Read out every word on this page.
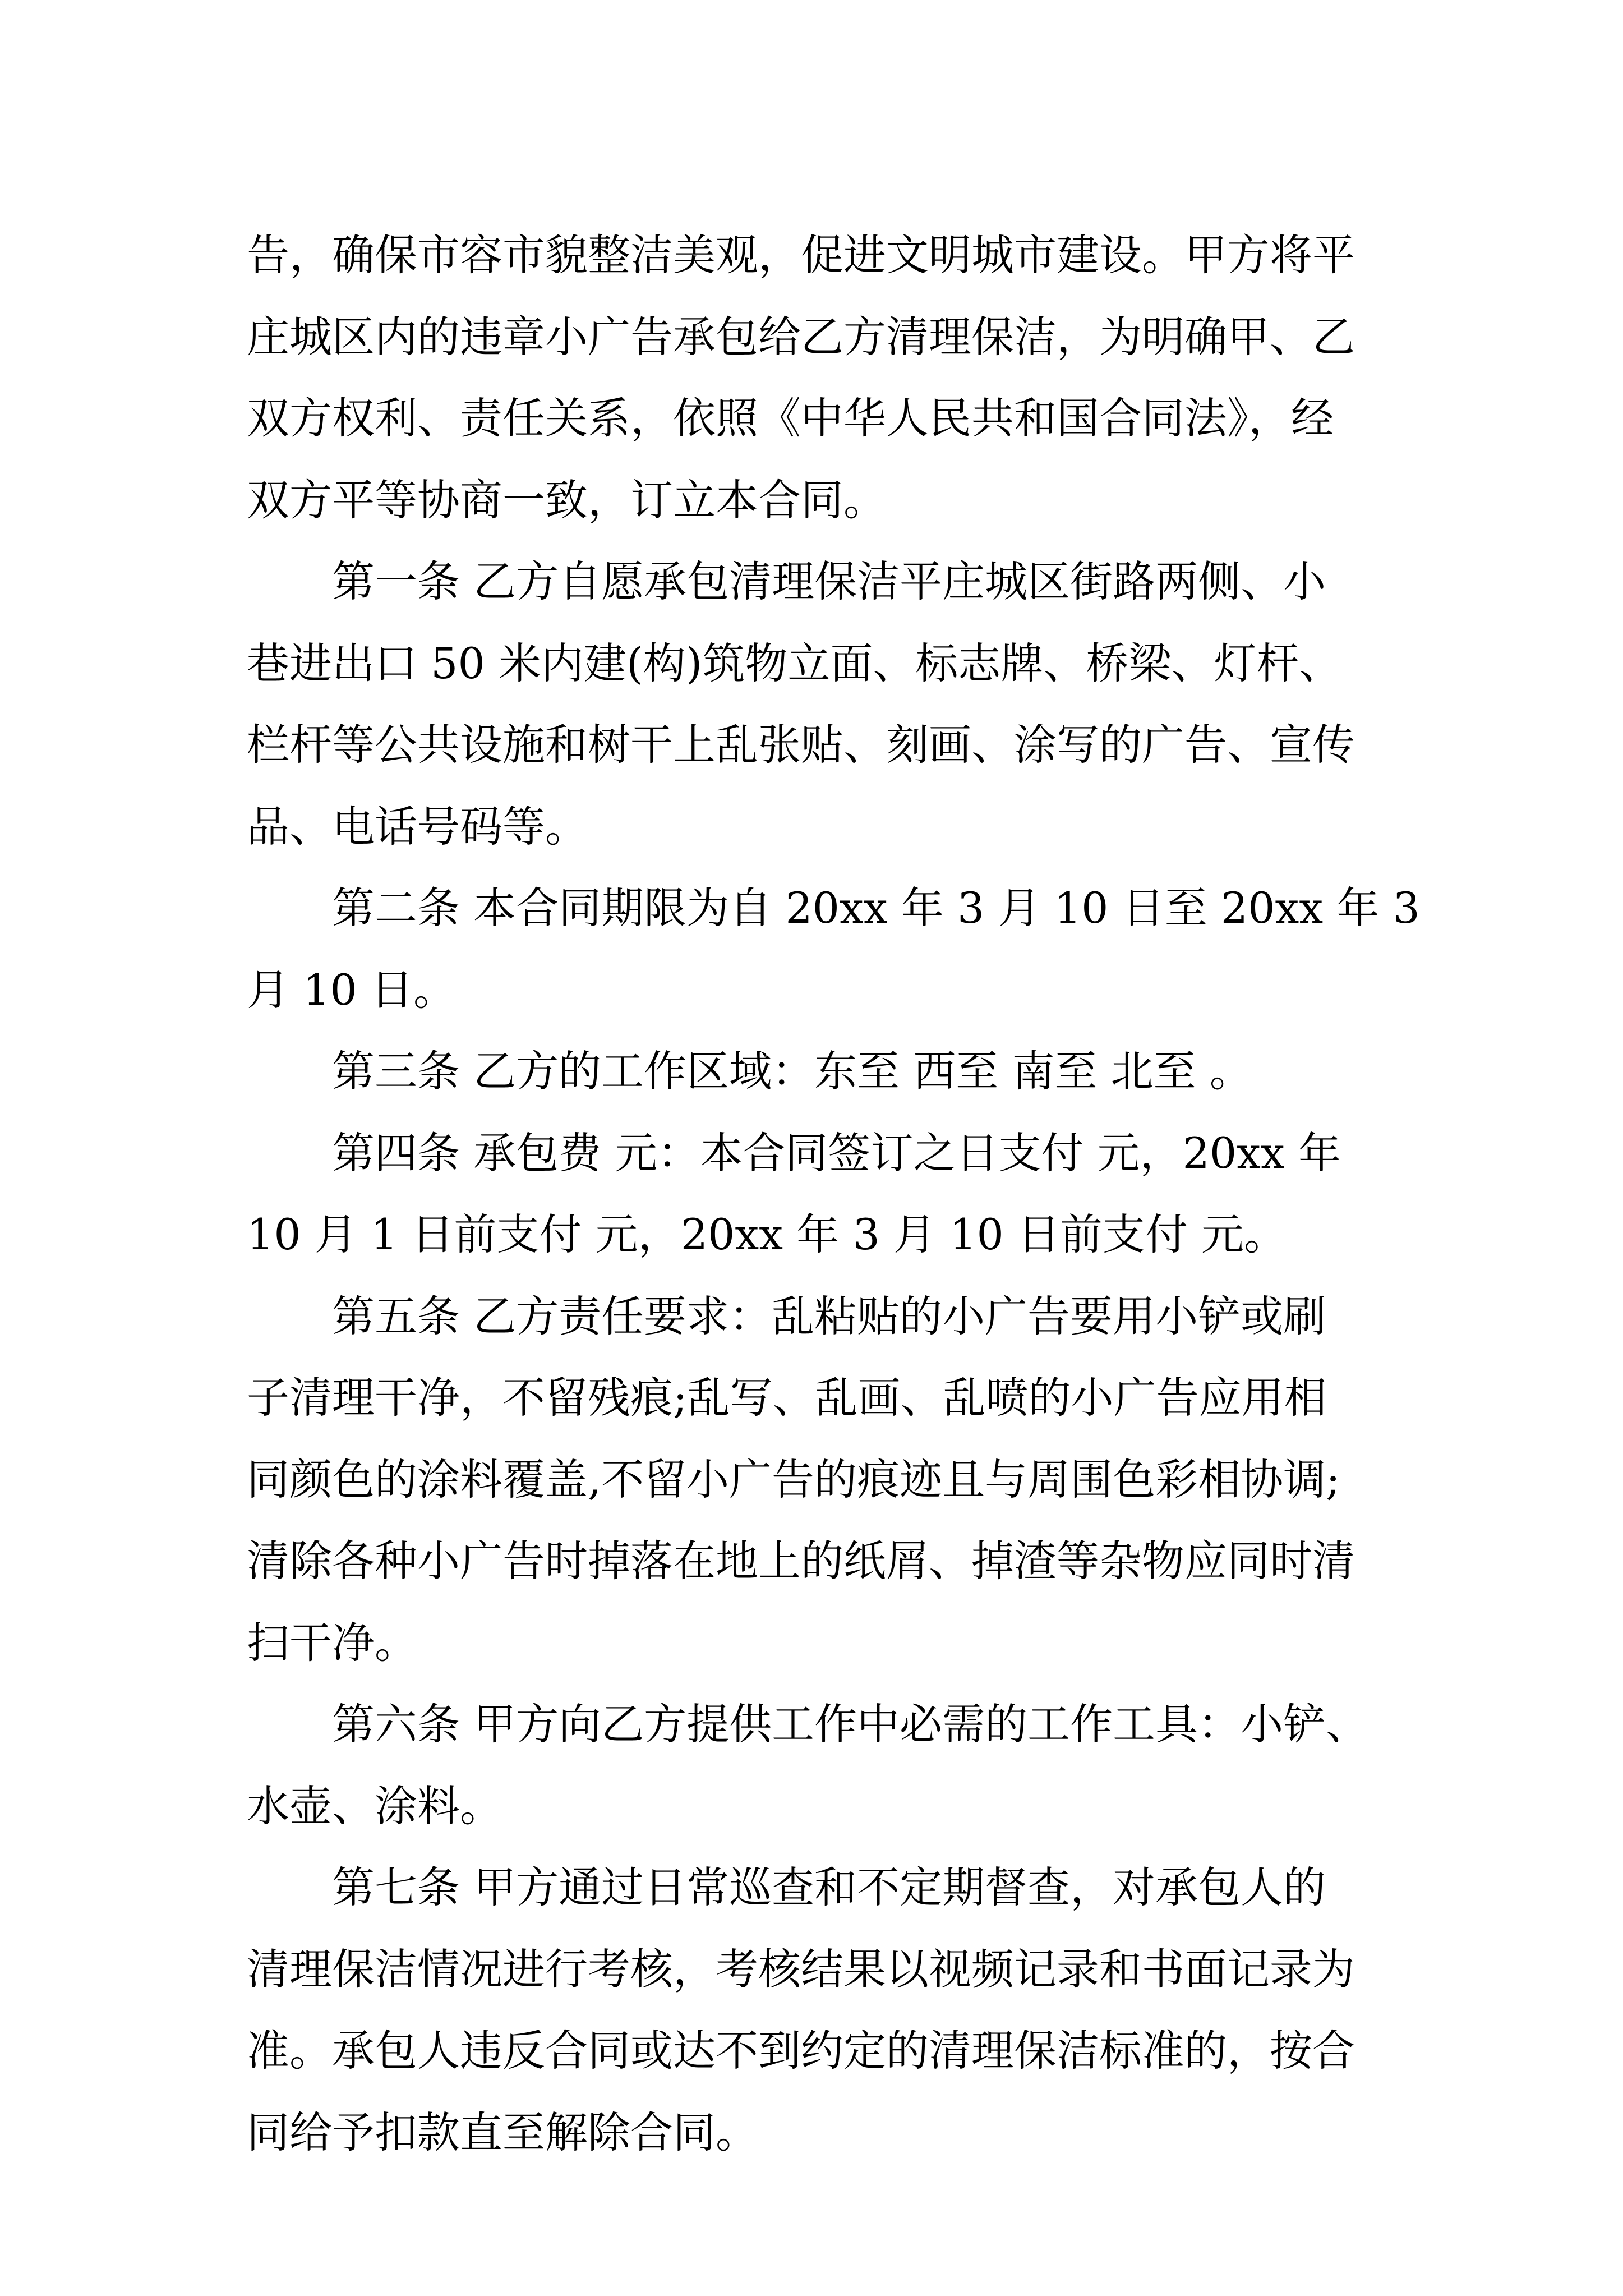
告，确保市容市貌整洁美观，促进文明城市建设。甲方将平
庄城区内的违章小广告承包给乙方清理保洁，为明确甲、乙
双方权利、责任关系，依照《中华人民共和国合同法》，经
双方平等协商一致，订立本合同。

第一条 乙方自愿承包清理保洁平庄城区街路两侧、小
巷进出口 50 米内建(构)筑物立面、标志牌、桥梁、灯杆、
栏杆等公共设施和树干上乱张贴、刻画、涂写的广告、宣传
品、电话号码等。

第二条 本合同期限为自 20xx 年 3 月 10 日至 20xx 年 3
月 10 日。

第三条 乙方的工作区域：东至 西至 南至 北至 。

第四条 承包费 元：本合同签订之日支付 元，20xx 年
10 月 1 日前支付 元，20xx 年 3 月 10 日前支付 元。

第五条 乙方责任要求：乱粘贴的小广告要用小铲或刷
子清理干净，不留残痕;乱写、乱画、乱喷的小广告应用相
同颜色的涂料覆盖,不留小广告的痕迹且与周围色彩相协调;
清除各种小广告时掉落在地上的纸屑、掉渣等杂物应同时清
扫干净。

第六条 甲方向乙方提供工作中必需的工作工具：小铲、
水壶、涂料。

第七条 甲方通过日常巡查和不定期督查，对承包人的
清理保洁情况进行考核，考核结果以视频记录和书面记录为
准。承包人违反合同或达不到约定的清理保洁标准的，按合
同给予扣款直至解除合同。
